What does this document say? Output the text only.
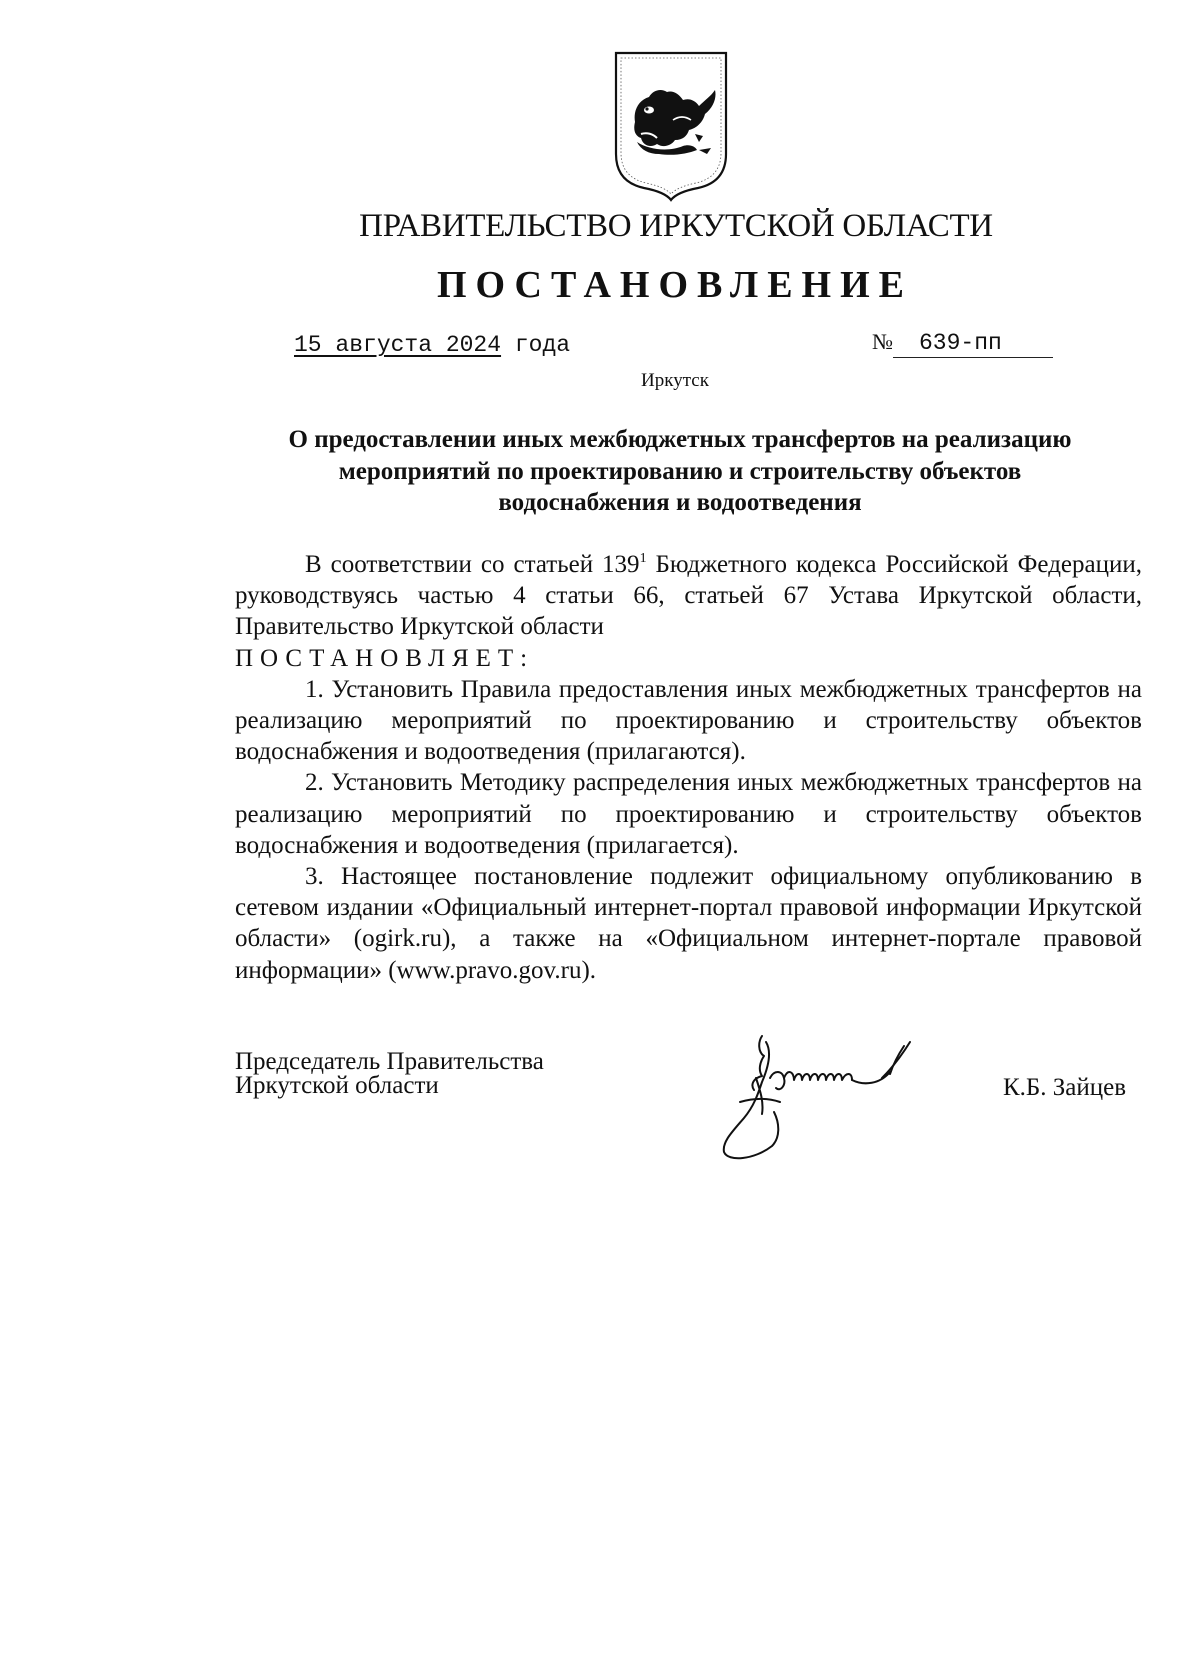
ПРАВИТЕЛЬСТВО ИРКУТСКОЙ ОБЛАСТИ
ПОСТАНОВЛЕНИЕ
15 августа 2024 года	№ 639-пп
Иркутск
О предоставлении иных межбюджетных трансфертов на реализацию
мероприятий по проектированию и строительству объектов
водоснабжения и водоотведения

В соответствии со статьей $139^1$ Бюджетного кодекса Российской Федерации, руководствуясь частью 4 статьи 66, статьей 67 Устава Иркутской области, Правительство Иркутской области

ПОСТАНОВЛЯЕТ:

1. Установить Правила предоставления иных межбюджетных трансфертов на реализацию мероприятий по проектированию и строительству объектов водоснабжения и водоотведения (прилагаются).

2. Установить Методику распределения иных межбюджетных трансфертов на реализацию мероприятий по проектированию и строительству объектов водоснабжения и водоотведения (прилагается).

3. Настоящее постановление подлежит официальному опубликованию в сетевом издании «Официальный интернет-портал правовой информации Иркутской области» (ogirk.ru), а также на «Официальном интернет-портале правовой информации» (www.pravo.gov.ru).

Председатель Правительства
Иркутской области	К.Б. Зайцев
